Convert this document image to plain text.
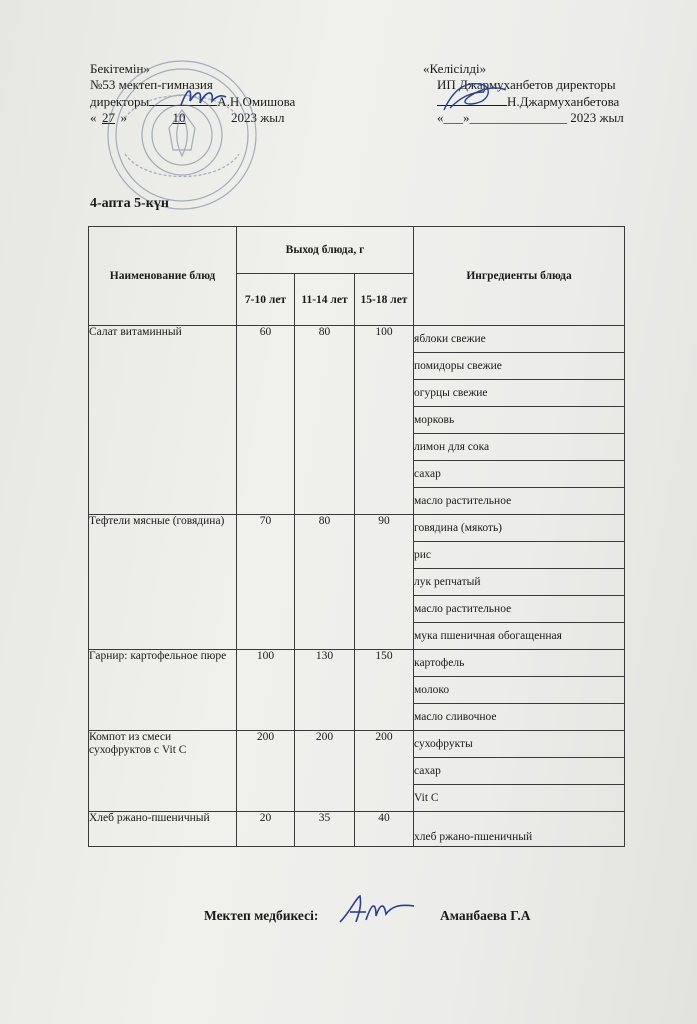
Бекітемін»
№53 мектеп-гимназия
директоры	А.Н.Омишова
« 27 »	10	2023 жыл
«Келісілді»
ИП Джармуханбетов директоры
Н.Джармуханбетова
«___»_______________ 2023 жыл
4-апта 5-күн
Наименование блюд	Выход блюда, г			Ингредиенты блюда
	7-10 лет	11-14 лет	15-18 лет	
Салат витаминный	60	80	100	яблоки свежие
				помидоры свежие
				огурцы свежие
				морковь
				лимон для сока
				сахар
				масло растительное
Тефтели мясные (говядина)	70	80	90	говядина (мякоть)
				рис
				лук репчатый
				масло растительное
				мука пшеничная обогащенная
Гарнир: картофельное пюре	100	130	150	картофель
				молоко
				масло сливочное
Компот из смеси сухофруктов с Vit C	200	200	200	сухофрукты
				сахар
				Vit C
Хлеб ржано-пшеничный	20	35	40	хлеб ржано-пшеничный
Мектеп медбикесі:	Аманбаева Г.А
